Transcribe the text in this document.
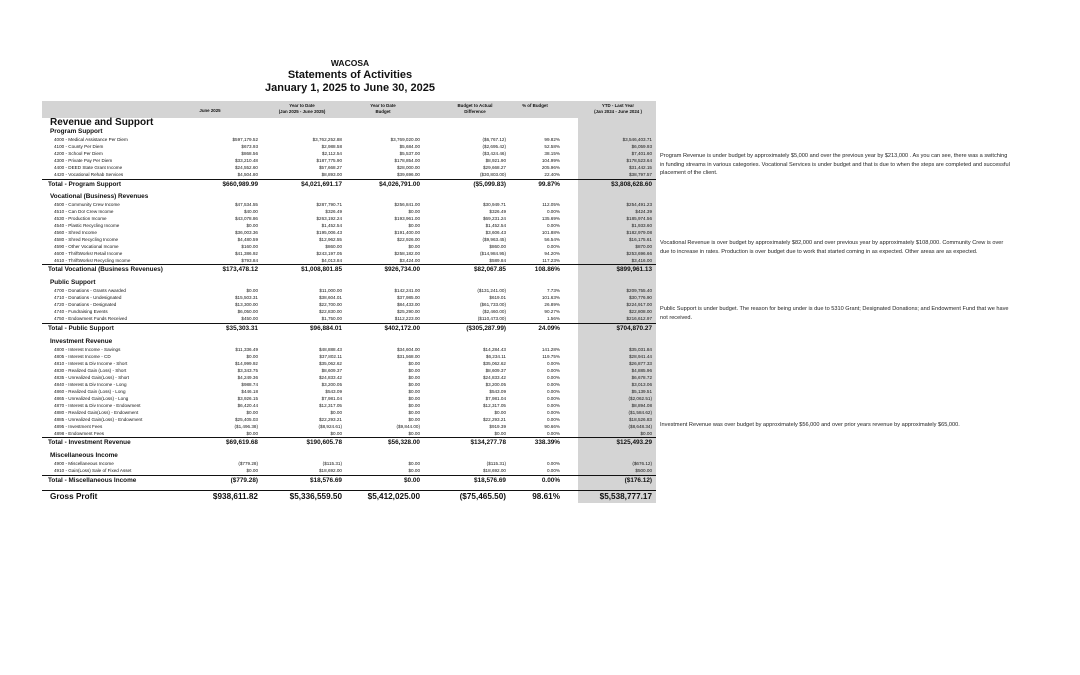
WACOSA
Statements of Activities
January 1, 2025 to June 30, 2025
June 2025
Year to Date
(Jan 2025 - June 2025)
Year to Date
Budget
Budget to Actual
Difference
% of Budget	YTD - Last Year
(Jan 2024 - June 2024 )
Revenue and Support
Program Support
4000 - Medical Assistance Per Diem	$597,179.52	$3,762,252.88	$3,769,020.00	($6,767.12)	99.82%	$3,546,403.71
4100 - County Per Diem	$673.93	$2,988.58	$5,684.00	($2,695.42)	52.58%	$6,059.93
4200 - School Per Diem	$868.56	$2,112.54	$5,537.00	($3,424.46)	38.15%	$7,401.60
4300 - Private Pay Per Diem	$33,210.48	$187,775.90	$178,854.00	$8,921.90	104.99%	$178,523.64
4400 - DEED State Grant Income	$24,552.60	$57,668.27	$28,000.00	$29,668.27	205.96%	$31,442.15
4420 - Vocational Rehab Services	$4,504.80	$8,893.00	$39,696.00	($30,803.00)	22.40%	$38,797.57
Total - Program Support	$660,989.99	$4,021,691.17	$4,026,791.00	($5,099.83)	99.87%	$3,808,628.60
Vocational (Business) Revenues
4500 - Community Crew Income	$47,534.55	$287,790.71	$256,841.00	$30,949.71	112.05%	$254,491.23
4510 - Can Do! Crew Income	$40.00	$326.49	$0.00	$326.49	0.00%	$424.39
4530 - Production Income	$43,078.86	$263,192.24	$193,961.00	$69,231.24	135.69%	$185,974.56
4540 - Plastic Recycling Income	$0.00	$1,452.54	$0.00	$1,452.54	0.00%	$1,933.60
4560 - Shred Income	$36,003.36	$195,006.43	$191,400.00	$3,606.43	101.88%	$182,979.08
4580 - Shred Recycling Income	$4,480.59	$12,962.55	$22,926.00	($9,963.45)	56.54%	$16,175.61
4590 - Other Vocational Income	$160.00	$860.00	$0.00	$860.00	0.00%	$870.00
4600 - ThriftWorks! Retail Income	$41,386.92	$243,197.05	$258,182.00	($14,984.95)	94.20%	$253,696.66
4610 - ThriftWorks! Recycling Income	$793.84	$4,013.84	$3,424.00	$589.84	117.23%	$3,416.00
Total Vocational (Business Revenues)	$173,478.12	$1,008,801.85	$926,734.00	$82,067.85	108.86%	$899,961.13
Public Support
4700 - Donations - Grants Awarded	$0.00	$11,000.00	$142,241.00	($131,241.00)	7.73%	$209,755.40
4710 - Donations - Undesignated	$15,503.31	$38,604.01	$37,985.00	$619.01	101.63%	$30,776.90
4720 - Donations - Designated	$13,300.00	$22,700.00	$84,433.00	($61,733.00)	26.89%	$224,917.00
4740 - Fundraising Events	$6,050.00	$22,830.00	$25,290.00	($2,460.00)	90.27%	$22,808.00
4750 - Endowment Funds Received	$450.00	$1,750.00	$112,223.00	($110,473.00)	1.56%	$216,612.97
Total - Public Support	$35,303.31	$96,884.01	$402,172.00	($305,287.99)	24.09%	$704,870.27
Investment Revenue
4800 - Interest Income - Savings	$11,336.49	$48,888.43	$34,604.00	$14,284.43	141.28%	$35,031.84
4805 - Interest Income - CD	$0.00	$37,802.11	$31,568.00	$6,234.11	119.75%	$28,941.44
4810 - Interest & Div Income - Short	$14,999.92	$35,062.62	$0.00	$35,062.62	0.00%	$26,877.33
4830 - Realized Gain (Loss) - Short	$3,343.75	$8,609.37	$0.00	$8,609.37	0.00%	$4,885.96
4835 - Unrealized Gain(Loss) - Short	$4,249.36	$24,833.42	$0.00	$24,833.42	0.00%	$6,678.72
4840 - Interest & Div Income - Long	$988.74	$3,200.05	$0.00	$3,200.05	0.00%	$3,013.06
4860 - Realized Gain (Loss) - Long	$446.18	$543.09	$0.00	$543.09	0.00%	$5,139.51
4865 - Unrealized Gain(Loss) - Long	$3,926.15	$7,981.04	$0.00	$7,981.04	0.00%	($2,062.51)
4870 - Interest & Div Income - Endowment	$6,420.44	$12,317.05	$0.00	$12,317.05	0.00%	$8,894.08
4880 - Realized Gain(Loss) - Endowment	$0.00	$0.00	$0.00	$0.00	0.00%	($1,584.62)
4885 - Unrealized Gain(Loss) - Endowment	$25,405.03	$22,293.21	$0.00	$22,293.21	0.00%	$18,526.83
4895 - Investment Fees	($1,496.38)	($8,924.61)	($9,844.00)	$919.39	90.66%	($8,648.34)
4898 - Endowment Fees	$0.00	$0.00	$0.00	$0.00	0.00%	$0.00
Total - Investment Revenue	$69,619.68	$190,605.78	$56,328.00	$134,277.78	338.39%	$125,493.29
Miscellaneous Income
4900 - Miscellaneous Income	($779.28)	($115.31)	$0.00	($115.31)	0.00%	($676.12)
4910 - Gain(Loss) Sale of Fixed Asset	$0.00	$18,692.00	$0.00	$18,692.00	0.00%	$500.00
Total - Miscellaneous Income	($779.28)	$18,576.69	$0.00	$18,576.69	0.00%	($176.12)
Gross Profit	$938,611.82	$5,336,559.50	$5,412,025.00	($75,465.50)	98.61%	$5,538,777.17
Program Revenue is under budget by approximately $5,000 and over the previous year by $213,000 . As you can see, there was a switching in funding streams in various categories. Vocational Services is under budget and that is due to when the steps are completed and successful placement of the client.
Vocational Revenue is over budget by approximately $82,000 and over previous year by approximately $108,000. Community Crew is over due to increase in rates. Production is over budget due to work that started coming in as expected. Other areas are as expected.
Public Support is under budget. The reason for being under is due to 5310 Grant; Designated Donations; and Endowment Fund that we have not received.
Investment Revenue was over budget by approximately $56,000 and over prior years revenue by approximately $65,000.
